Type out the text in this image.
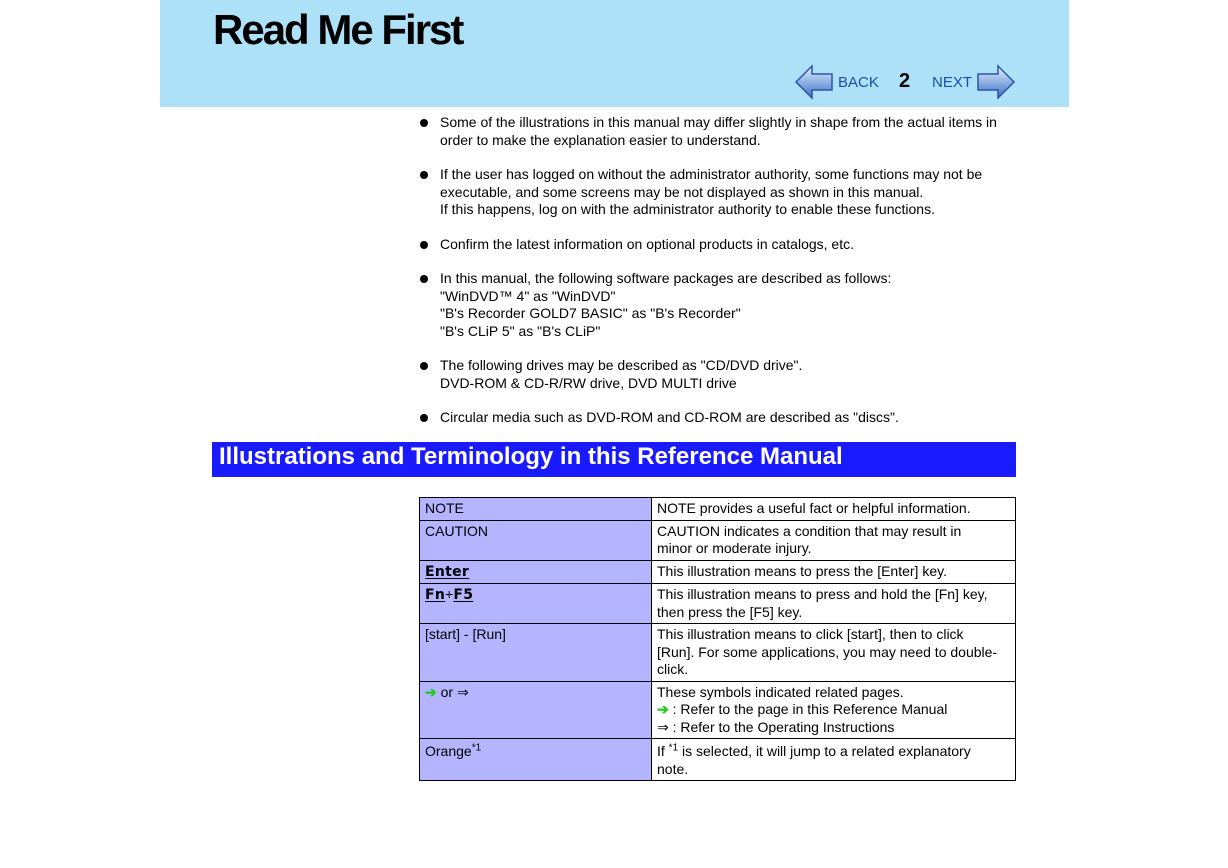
Read Me First
BACK 2 NEXT
Some of the illustrations in this manual may differ slightly in shape from the actual items in
order to make the explanation easier to understand.
If the user has logged on without the administrator authority, some functions may not be
executable, and some screens may be not displayed as shown in this manual.
If this happens, log on with the administrator authority to enable these functions.
Confirm the latest information on optional products in catalogs, etc.
In this manual, the following software packages are described as follows:
"WinDVD™ 4" as "WinDVD"
"B's Recorder GOLD7 BASIC" as "B's Recorder"
"B's CLiP 5" as "B's CLiP"
The following drives may be described as "CD/DVD drive".
DVD-ROM & CD-R/RW drive, DVD MULTI drive
Circular media such as DVD-ROM and CD-ROM are described as "discs".
Illustrations and Terminology in this Reference Manual
NOTE	NOTE provides a useful fact or helpful information.

CAUTION	CAUTION indicates a condition that may result in
minor or moderate injury.

Enter	This illustration means to press the [Enter] key.

Fn+F5	This illustration means to press and hold the [Fn] key,
then press the [F5] key.

[start] - [Run]	This illustration means to click [start], then to click
[Run]. For some applications, you may need to double-
click.

➔ or ⇒	These symbols indicated related pages.
➔ : Refer to the page in this Reference Manual
⇒ : Refer to the Operating Instructions

Orange$^{*1}$	If $^{*1}$ is selected, it will jump to a related explanatory
note.
